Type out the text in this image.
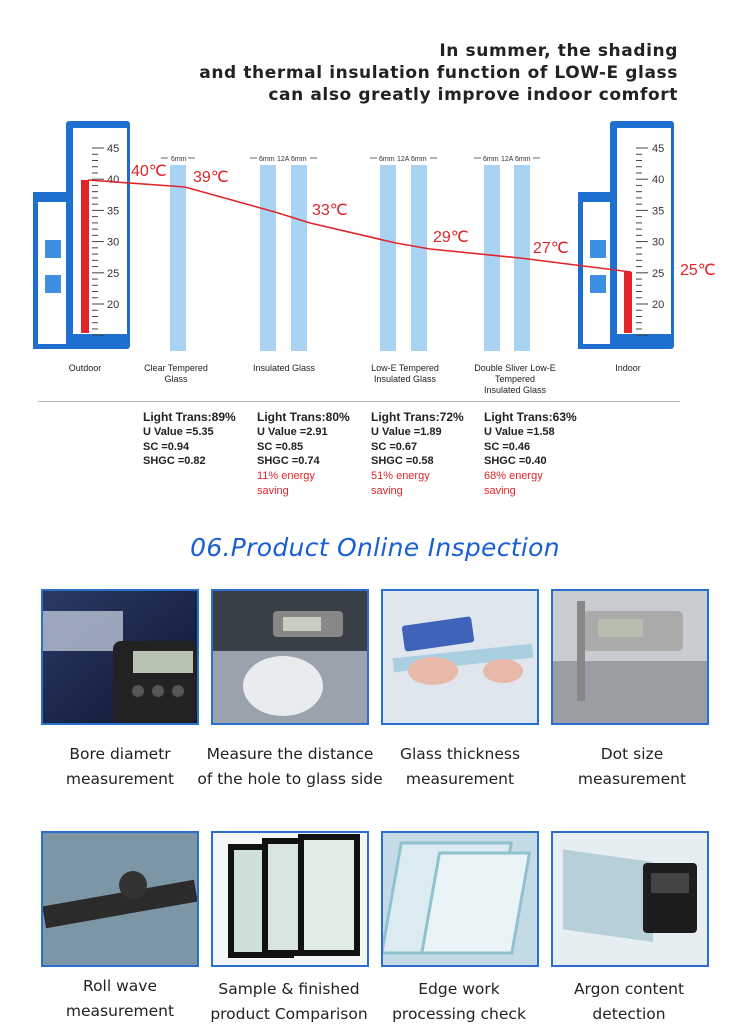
In summer, the shading
and thermal insulation function of LOW-E glass
can also greatly improve indoor comfort
45
40
35
30
25
20
45
40
35
30
25
20
6mm	6mm 12A 6mm	6mm 12A 6mm	6mm 12A 6mm
40℃ 39℃
33℃
29℃
27℃
25℃
Outdoor	Clear Tempered
Glass
Insulated Glass	Low-E Tempered
Insulated Glass
Double Sliver Low-E
Tempered
Insulated Glass
Indoor
Light Trans:89%
U Value =5.35
SC =0.94
SHGC =0.82
Light Trans:80%
U Value =2.91
SC =0.85
SHGC =0.74
11% energy
saving
Light Trans:72%
U Value =1.89
SC =0.67
SHGC =0.58
51% energy
saving
Light Trans:63%
U Value =1.58
SC =0.46
SHGC =0.40
68% energy
saving
06.Product Online Inspection
Bore diametr
measurement
Measure the distance
of the hole to glass side
Glass thickness
measurement
Dot size
measurement
Roll wave
measurement
Sample & finished
product Comparison
Edge work
processing check
Argon content
detection
